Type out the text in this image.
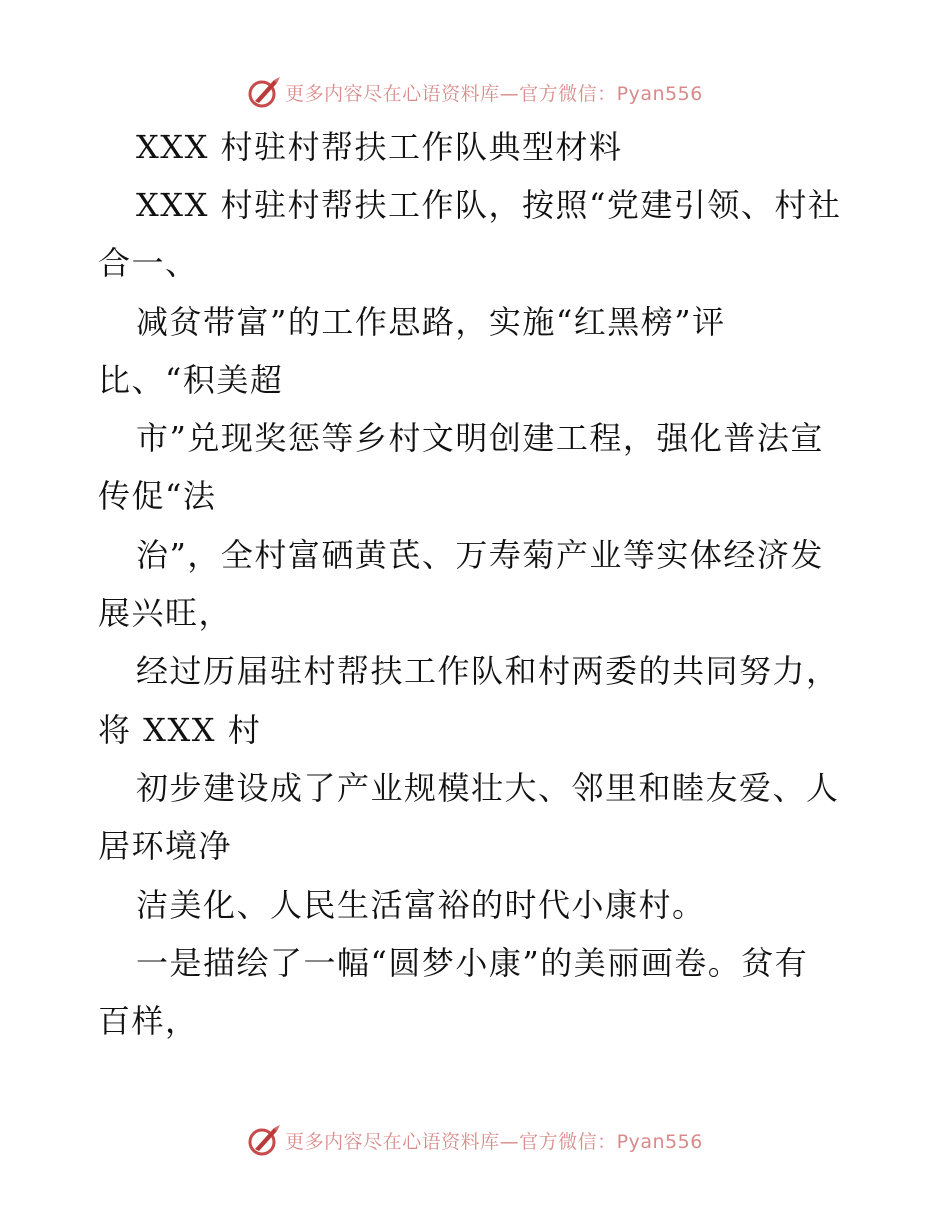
更多内容尽在心语资料库—官方微信：Pyan556
XXX 村驻村帮扶工作队典型材料
XXX 村驻村帮扶工作队，按照“党建引领、村社
合一、
减贫带富”的工作思路，实施“红黑榜”评
比、“积美超
市”兑现奖惩等乡村文明创建工程，强化普法宣
传促“法
治”，全村富硒黄芪、万寿菊产业等实体经济发
展兴旺，
经过历届驻村帮扶工作队和村两委的共同努力，
将 XXX 村
初步建设成了产业规模壮大、邻里和睦友爱、人
居环境净
洁美化、人民生活富裕的时代小康村。
一是描绘了一幅“圆梦小康”的美丽画卷。贫有
百样，
更多内容尽在心语资料库—官方微信：Pyan556
